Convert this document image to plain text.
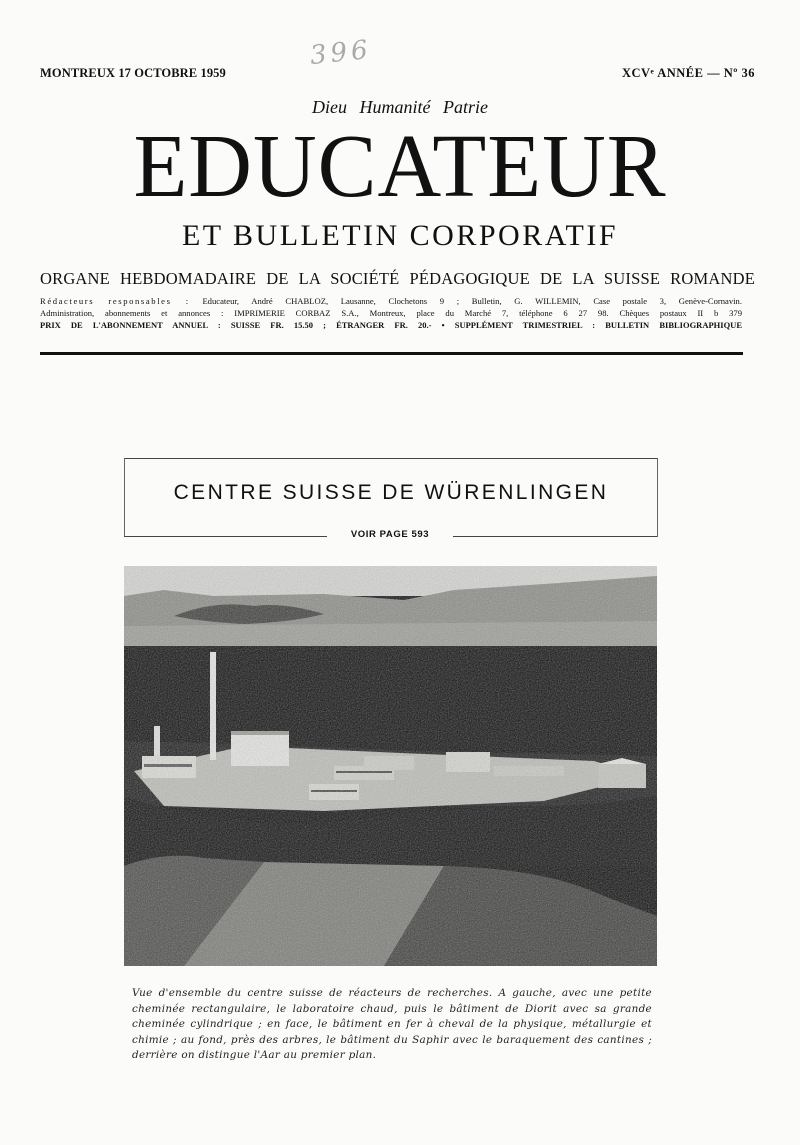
396
MONTREUX 17 OCTOBRE 1959	XCVᵉ ANNÉE — Nº 36
Dieu Humanité Patrie
EDUCATEUR
ET BULLETIN CORPORATIF
ORGANE HEBDOMADAIRE DE LA SOCIÉTÉ PÉDAGOGIQUE DE LA SUISSE ROMANDE
Rédacteurs responsables : Educateur, André CHABLOZ, Lausanne, Clochetons 9 ; Bulletin, G. WILLEMIN, Case postale 3, Genève-Cornavin.
Administration, abonnements et annonces : IMPRIMERIE CORBAZ S.A., Montreux, place du Marché 7, téléphone 6 27 98. Chèques postaux II b 379
PRIX DE L'ABONNEMENT ANNUEL : SUISSE FR. 15.50 ; ÉTRANGER FR. 20.- • SUPPLÉMENT TRIMESTRIEL : BULLETIN BIBLIOGRAPHIQUE
CENTRE SUISSE DE WÜRENLINGEN
VOIR PAGE 593
Vue d'ensemble du centre suisse de réacteurs de recherches. A gauche, avec une petite cheminée rectangulaire, le laboratoire chaud, puis le bâtiment de Diorit avec sa grande cheminée cylindrique ; en face, le bâtiment en fer à cheval de la physique, métallurgie et chimie ; au fond, près des arbres, le bâtiment du Saphir avec le baraquement des cantines ; derrière on distingue l'Aar au premier plan.
